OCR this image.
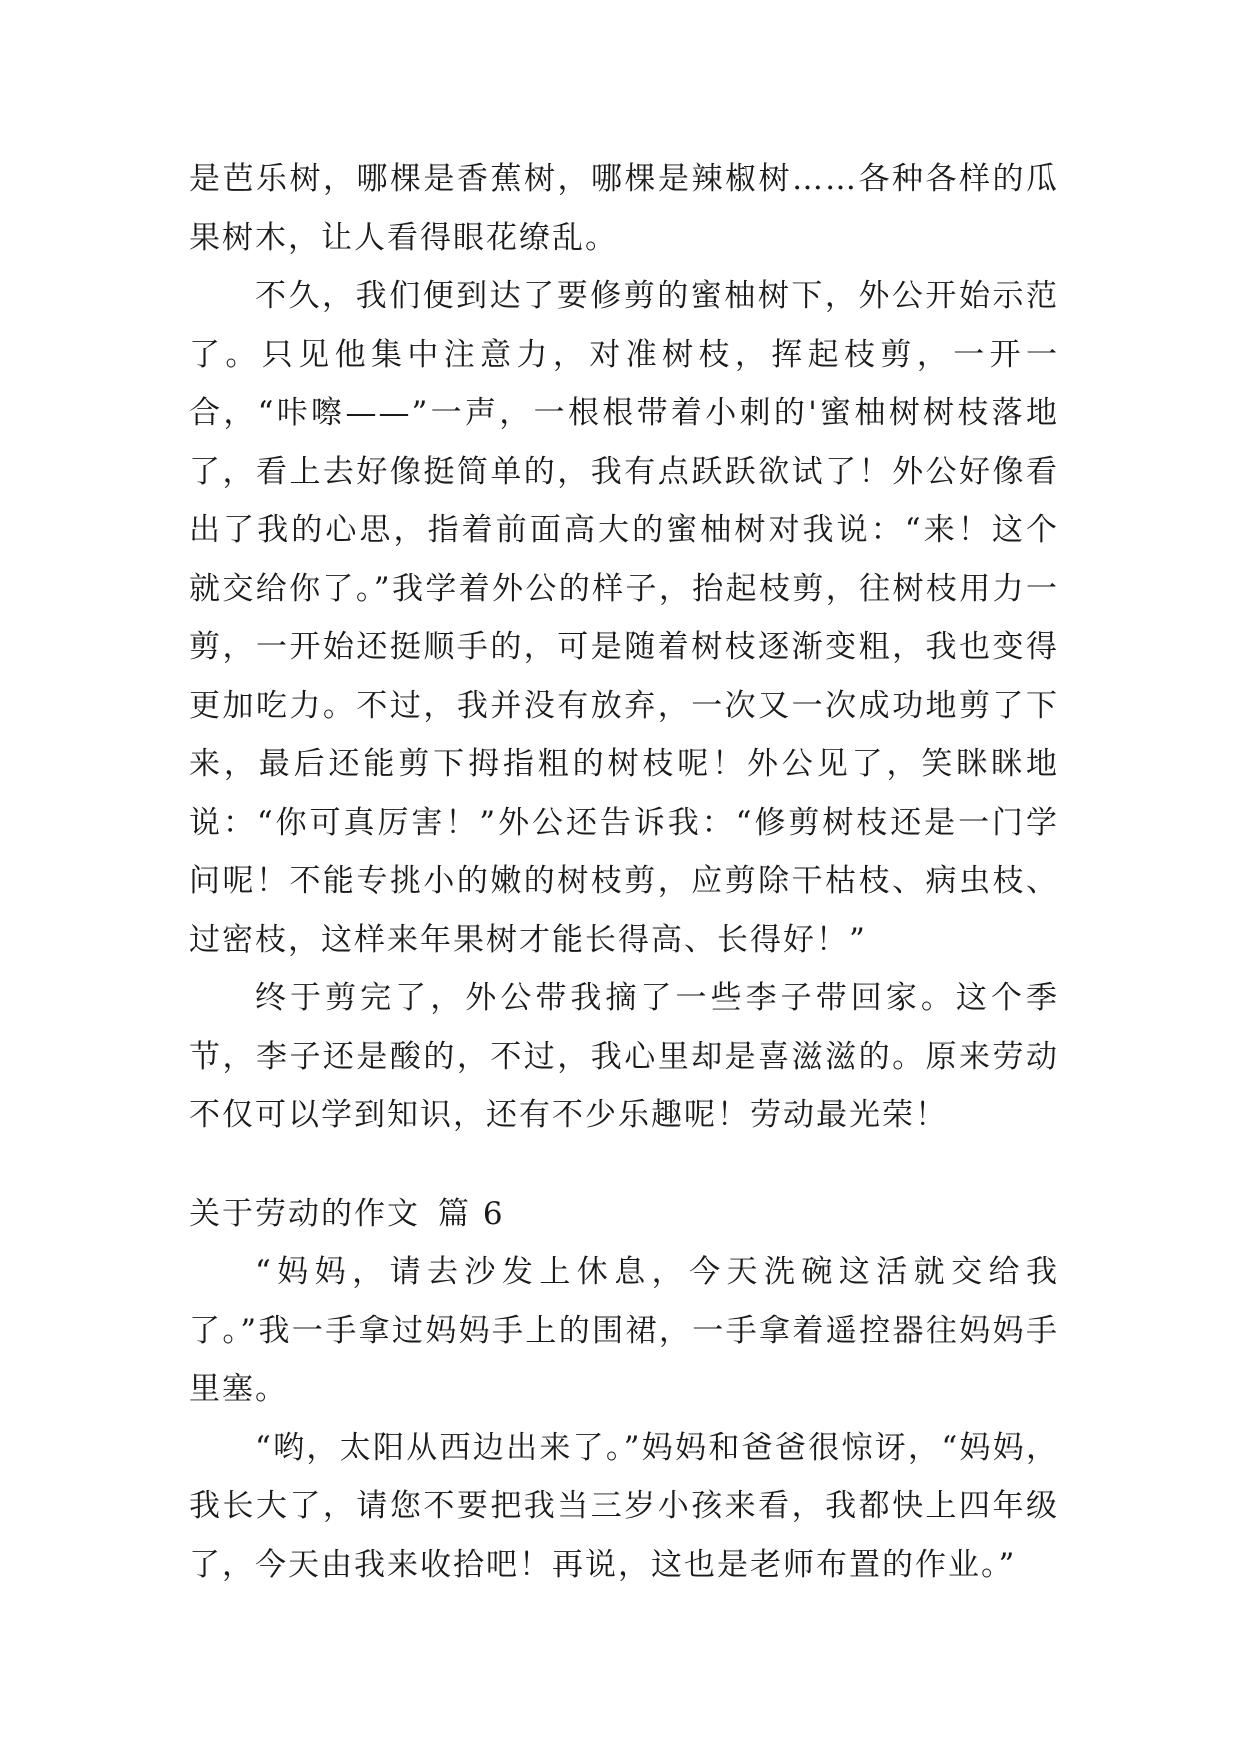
是芭乐树，哪棵是香蕉树，哪棵是辣椒树……各种各样的瓜果树木，让人看得眼花缭乱。

不久，我们便到达了要修剪的蜜柚树下，外公开始示范了。只见他集中注意力，对准树枝，挥起枝剪，一开一合，“咔嚓——”一声，一根根带着小刺的'蜜柚树树枝落地了，看上去好像挺简单的，我有点跃跃欲试了！外公好像看出了我的心思，指着前面高大的蜜柚树对我说：“来！这个就交给你了。”我学着外公的样子，抬起枝剪，往树枝用力一剪，一开始还挺顺手的，可是随着树枝逐渐变粗，我也变得更加吃力。不过，我并没有放弃，一次又一次成功地剪了下来，最后还能剪下拇指粗的树枝呢！外公见了，笑眯眯地说：“你可真厉害！”外公还告诉我：“修剪树枝还是一门学问呢！不能专挑小的嫩的树枝剪，应剪除干枯枝、病虫枝、过密枝，这样来年果树才能长得高、长得好！”

终于剪完了，外公带我摘了一些李子带回家。这个季节，李子还是酸的，不过，我心里却是喜滋滋的。原来劳动不仅可以学到知识，还有不少乐趣呢！劳动最光荣！

关于劳动的作文 篇 6

“妈妈，请去沙发上休息，今天洗碗这活就交给我了。”我一手拿过妈妈手上的围裙，一手拿着遥控器往妈妈手里塞。

“哟，太阳从西边出来了。”妈妈和爸爸很惊讶，“妈妈，我长大了，请您不要把我当三岁小孩来看，我都快上四年级了，今天由我来收拾吧！再说，这也是老师布置的作业。”
